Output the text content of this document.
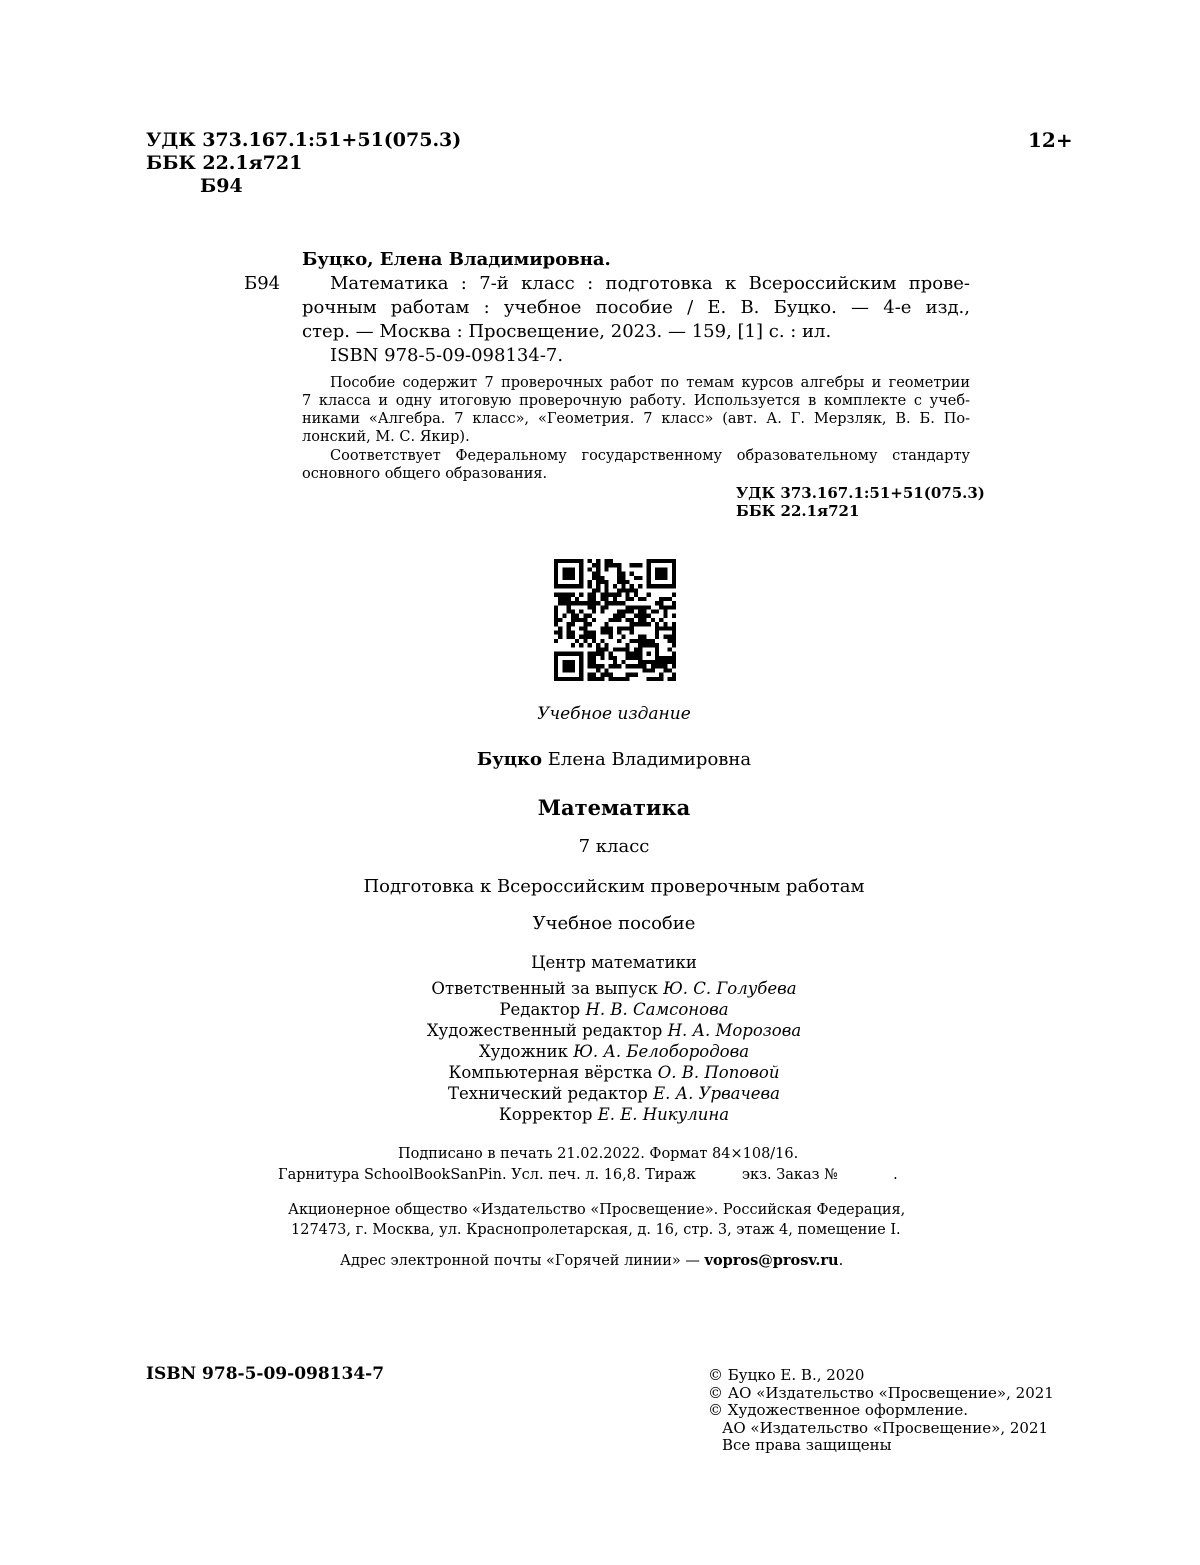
УДК 373.167.1:51+51(075.3)
ББК 22.1я721
Б94
12+
Буцко, Елена Владимировна.
Б94	Математика : 7-й класс : подготовка к Всероссийским прове-
рочным работам : учебное пособие / Е. В. Буцко. — 4-е изд.,
стер. — Москва : Просвещение, 2023. — 159, [1] с. : ил.
ISBN 978-5-09-098134-7.
Пособие содержит 7 проверочных работ по темам курсов алгебры и геометрии
7 класса и одну итоговую проверочную работу. Используется в комплекте с учеб-
никами «Алгебра. 7 класс», «Геометрия. 7 класс» (авт. А. Г. Мерзляк, В. Б. По-
лонский, М. С. Якир).
Соответствует Федеральному государственному образовательному стандарту
основного общего образования.
УДК 373.167.1:51+51(075.3)
ББК 22.1я721
Учебное издание
Буцко Елена Владимировна
Математика
7 класс
Подготовка к Всероссийским проверочным работам
Учебное пособие
Центр математики
Ответственный за выпуск Ю. С. Голубева
Редактор Н. В. Самсонова
Художественный редактор Н. А. Морозова
Художник Ю. А. Белобородова
Компьютерная вёрстка О. В. Поповой
Технический редактор Е. А. Урвачева
Корректор Е. Е. Никулина
Подписано в печать 21.02.2022. Формат 84×108/16.
Гарнитура SchoolBookSanPin. Усл. печ. л. 16,8. Тираж          экз. Заказ №            .
Акционерное общество «Издательство «Просвещение». Российская Федерация,
127473, г. Москва, ул. Краснопролетарская, д. 16, стр. 3, этаж 4, помещение I.
Адрес электронной почты «Горячей линии» — vopros@prosv.ru.
ISBN 978-5-09-098134-7	© Буцко Е. В., 2020
© АО «Издательство «Просвещение», 2021
© Художественное оформление.
АО «Издательство «Просвещение», 2021
Все права защищены
